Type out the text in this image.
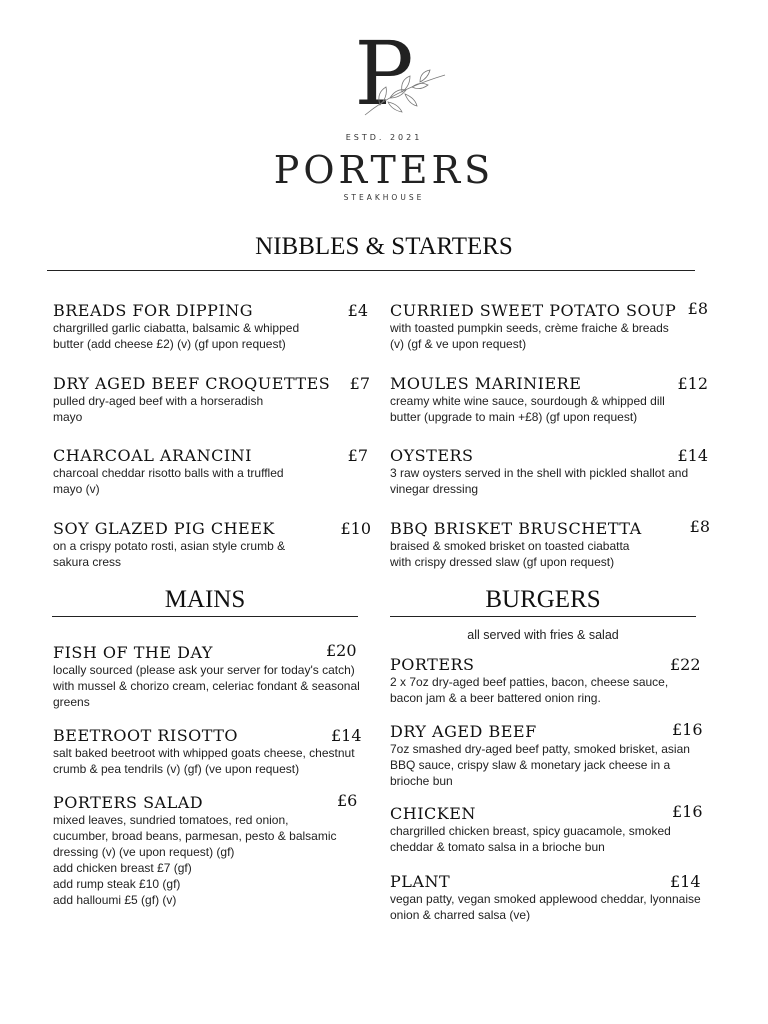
P
ESTD. 2021
PORTERS
STEAKHOUSE
NIBBLES & STARTERS
BREADS FOR DIPPING	£4
chargrilled garlic ciabatta, balsamic & whipped
butter (add cheese £2) (v) (gf upon request)
DRY AGED BEEF CROQUETTES	£7
pulled dry-aged beef with a horseradish
mayo
CHARCOAL ARANCINI	£7
charcoal cheddar risotto balls with a truffled
mayo (v)
SOY GLAZED PIG CHEEK	£10
on a crispy potato rosti, asian style crumb &
sakura cress
CURRIED SWEET POTATO SOUP £8
with toasted pumpkin seeds, crème fraiche & breads
(v) (gf & ve upon request)
MOULES MARINIERE	£12
creamy white wine sauce, sourdough & whipped dill
butter (upgrade to main +£8) (gf upon request)
OYSTERS	£14
3 raw oysters served in the shell with pickled shallot and
vinegar dressing
BBQ BRISKET BRUSCHETTA	£8
braised & smoked brisket on toasted ciabatta
with crispy dressed slaw (gf upon request)
MAINS
FISH OF THE DAY	£20
locally sourced (please ask your server for today's catch)
with mussel & chorizo cream, celeriac fondant & seasonal
greens
BEETROOT RISOTTO	£14
salt baked beetroot with whipped goats cheese, chestnut
crumb & pea tendrils (v) (gf) (ve upon request)
PORTERS SALAD	£6
mixed leaves, sundried tomatoes, red onion,
cucumber, broad beans, parmesan, pesto & balsamic
dressing (v) (ve upon request) (gf)
add chicken breast £7 (gf)
add rump steak £10 (gf)
add halloumi £5 (gf) (v)
BURGERS
all served with fries & salad
PORTERS	£22
2 x 7oz dry-aged beef patties, bacon, cheese sauce,
bacon jam & a beer battered onion ring.
DRY AGED BEEF	£16
7oz smashed dry-aged beef patty, smoked brisket, asian
BBQ sauce, crispy slaw & monetary jack cheese in a
brioche bun
CHICKEN	£16
chargrilled chicken breast, spicy guacamole, smoked
cheddar & tomato salsa in a brioche bun
PLANT	£14
vegan patty, vegan smoked applewood cheddar, lyonnaise
onion & charred salsa (ve)
